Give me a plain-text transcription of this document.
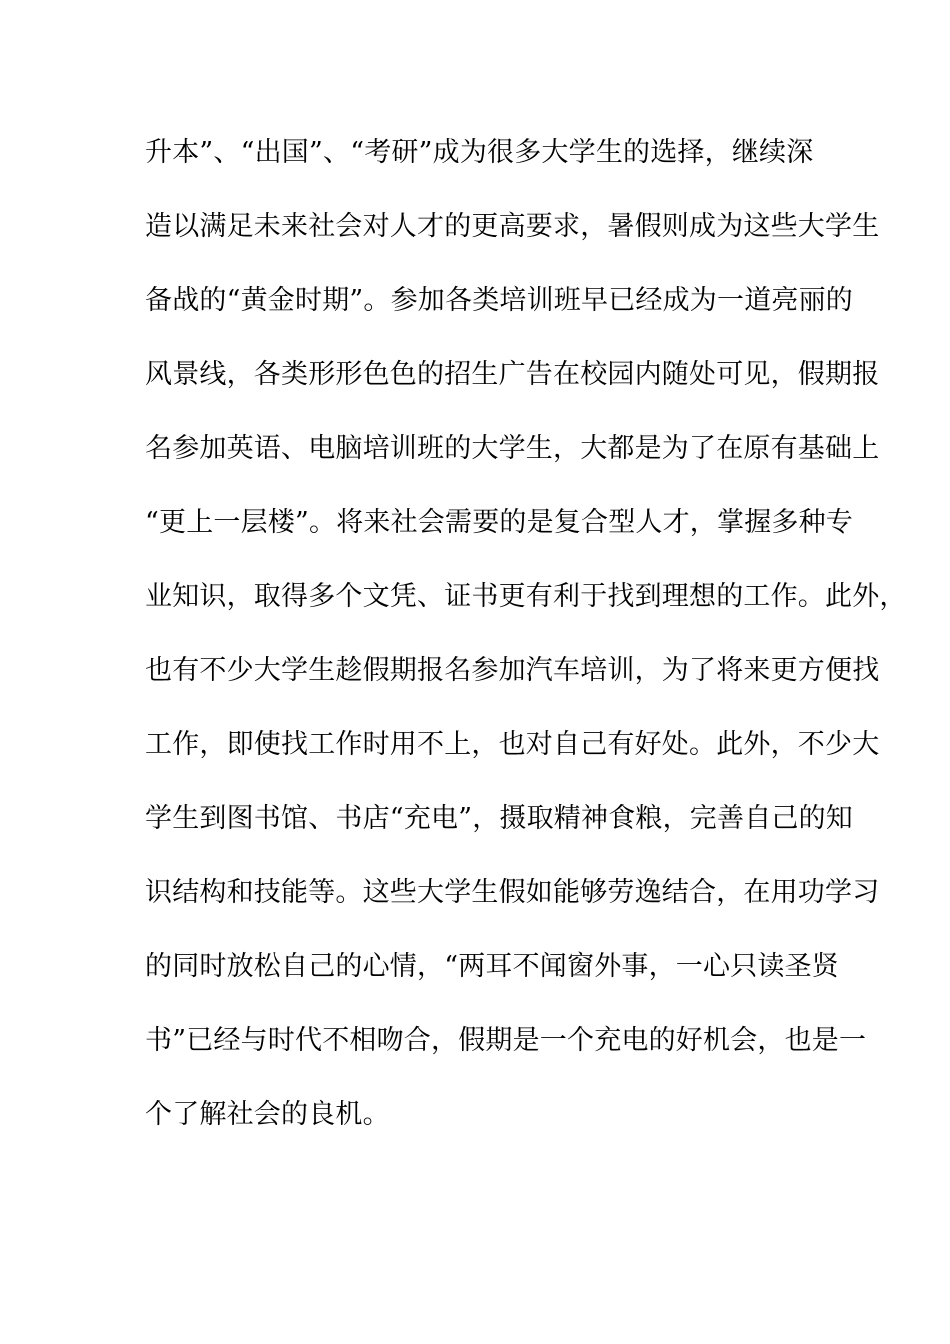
升本”、“出国”、“考研”成为很多大学生的选择，继续深
造以满足未来社会对人才的更高要求，暑假则成为这些大学生
备战的“黄金时期”。参加各类培训班早已经成为一道亮丽的
风景线，各类形形色色的招生广告在校园内随处可见，假期报
名参加英语、电脑培训班的大学生，大都是为了在原有基础上
“更上一层楼”。将来社会需要的是复合型人才，掌握多种专
业知识，取得多个文凭、证书更有利于找到理想的工作。此外，
也有不少大学生趁假期报名参加汽车培训，为了将来更方便找
工作，即使找工作时用不上，也对自己有好处。此外，不少大
学生到图书馆、书店“充电”，摄取精神食粮，完善自己的知
识结构和技能等。这些大学生假如能够劳逸结合，在用功学习
的同时放松自己的心情，“两耳不闻窗外事，一心只读圣贤
书”已经与时代不相吻合，假期是一个充电的好机会，也是一
个了解社会的良机。
